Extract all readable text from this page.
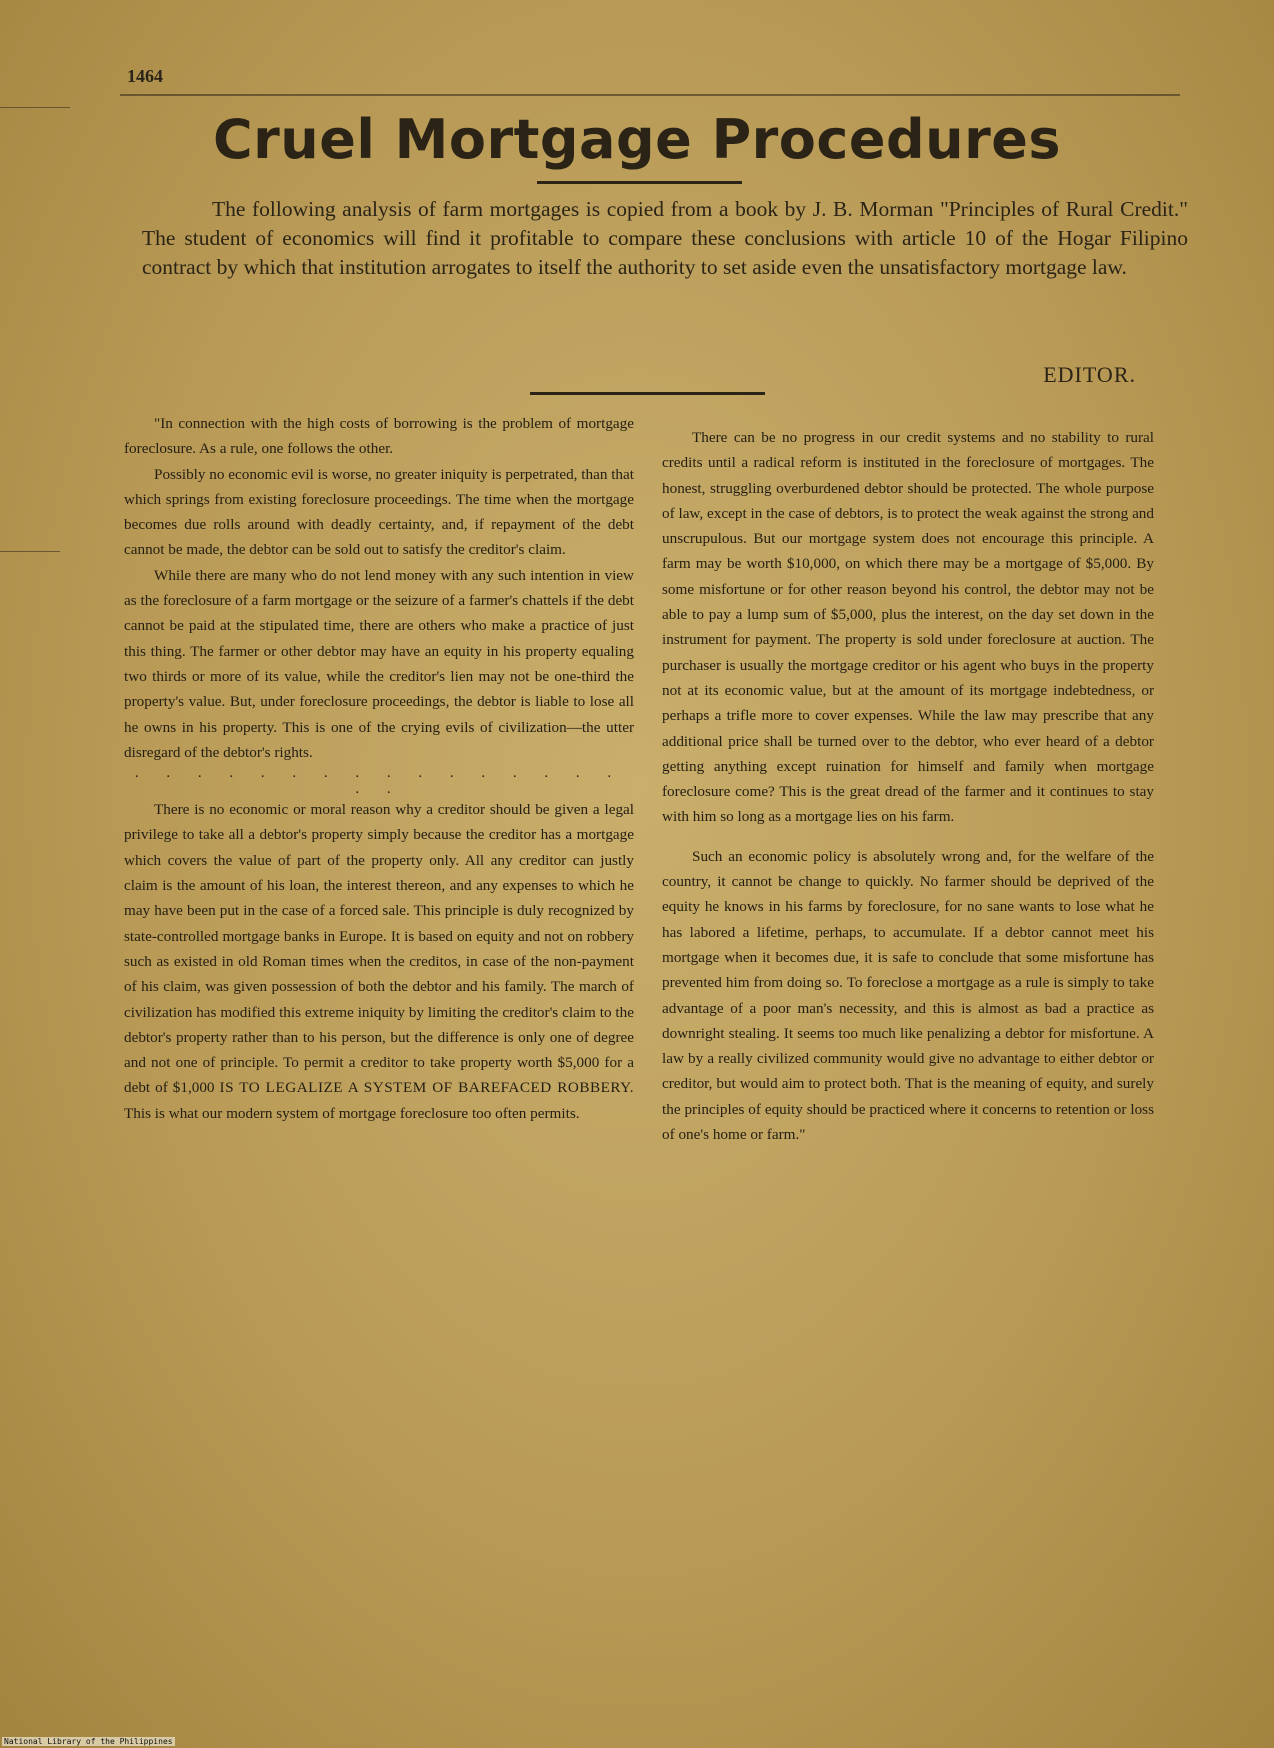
1464
Cruel Mortgage Procedures

The following analysis of farm mortgages is copied from a book by J. B. Morman "Principles of Rural Credit." The student of economics will find it profitable to compare these conclusions with article 10 of the Hogar Filipino contract by which that institution arrogates to itself the authority to set aside even the unsatisfactory mortgage law.

EDITOR.

"In connection with the high costs of borrowing is the problem of mortgage foreclosure. As a rule, one follows the other.

Possibly no economic evil is worse, no greater iniquity is perpetrated, than that which springs from existing foreclosure proceedings. The time when the mortgage becomes due rolls around with deadly certainty, and, if repayment of the debt cannot be made, the debtor can be sold out to satisfy the creditor's claim.

While there are many who do not lend money with any such intention in view as the foreclosure of a farm mortgage or the seizure of a farmer's chattels if the debt cannot be paid at the stipulated time, there are others who make a practice of just this thing. The farmer or other debtor may have an equity in his property equaling two thirds or more of its value, while the creditor's lien may not be one-third the property's value. But, under foreclosure proceedings, the debtor is liable to lose all he owns in his property. This is one of the crying evils of civilization—the utter disregard of the debtor's rights.

. . . . . . . . . . . . . . . . . .

There is no economic or moral reason why a creditor should be given a legal privilege to take all a debtor's property simply because the creditor has a mortgage which covers the value of part of the property only. All any creditor can justly claim is the amount of his loan, the interest thereon, and any expenses to which he may have been put in the case of a forced sale. This principle is duly recognized by state-controlled mortgage banks in Europe. It is based on equity and not on robbery such as existed in old Roman times when the creditos, in case of the non-payment of his claim, was given possession of both the debtor and his family. The march of civilization has modified this extreme iniquity by limiting the creditor's claim to the debtor's property rather than to his person, but the difference is only one of degree and not one of principle. To permit a creditor to take property worth $5,000 for a debt of $1,000 IS TO LEGALIZE A SYSTEM OF BAREFACED ROBBERY. This is what our modern system of mortgage foreclosure too often permits.

There can be no progress in our credit systems and no stability to rural credits until a radical reform is instituted in the foreclosure of mortgages. The honest, struggling overburdened debtor should be protected. The whole purpose of law, except in the case of debtors, is to protect the weak against the strong and unscrupulous. But our mortgage system does not encourage this principle. A farm may be worth $10,000, on which there may be a mortgage of $5,000. By some misfortune or for other reason beyond his control, the debtor may not be able to pay a lump sum of $5,000, plus the interest, on the day set down in the instrument for payment. The property is sold under foreclosure at auction. The purchaser is usually the mortgage creditor or his agent who buys in the property not at its economic value, but at the amount of its mortgage indebtedness, or perhaps a trifle more to cover expenses. While the law may prescribe that any additional price shall be turned over to the debtor, who ever heard of a debtor getting anything except ruination for himself and family when mortgage foreclosure come? This is the great dread of the farmer and it continues to stay with him so long as a mortgage lies on his farm.

Such an economic policy is absolutely wrong and, for the welfare of the country, it cannot be change to quickly. No farmer should be deprived of the equity he knows in his farms by foreclosure, for no sane wants to lose what he has labored a lifetime, perhaps, to accumulate. If a debtor cannot meet his mortgage when it becomes due, it is safe to conclude that some misfortune has prevented him from doing so. To foreclose a mortgage as a rule is simply to take advantage of a poor man's necessity, and this is almost as bad a practice as downright stealing. It seems too much like penalizing a debtor for misfortune. A law by a really civilized community would give no advantage to either debtor or creditor, but would aim to protect both. That is the meaning of equity, and surely the principles of equity should be practiced where it concerns to retention or loss of one's home or farm."

National Library of the Philippines
